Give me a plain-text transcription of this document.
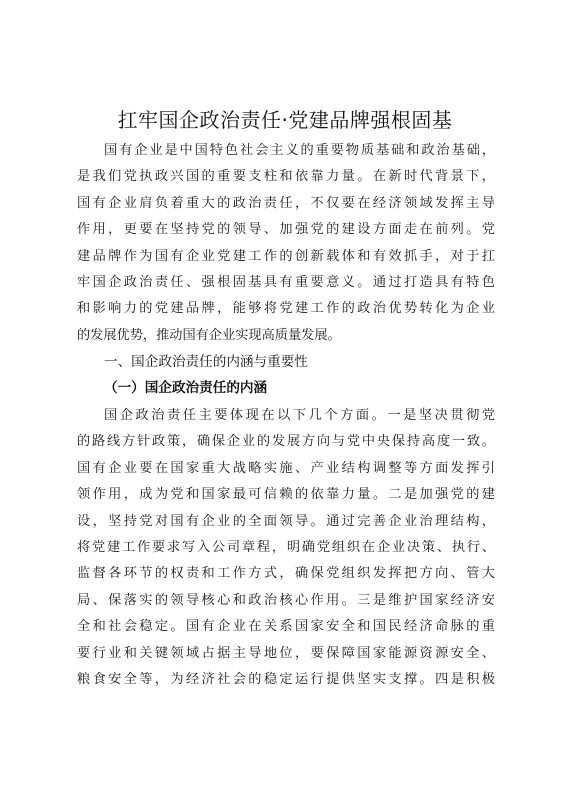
扛牢国企政治责任·党建品牌强根固基
国有企业是中国特色社会主义的重要物质基础和政治基础，
是我们党执政兴国的重要支柱和依靠力量。在新时代背景下，
国有企业肩负着重大的政治责任，不仅要在经济领域发挥主导
作用，更要在坚持党的领导、加强党的建设方面走在前列。党
建品牌作为国有企业党建工作的创新载体和有效抓手，对于扛
牢国企政治责任、强根固基具有重要意义。通过打造具有特色
和影响力的党建品牌，能够将党建工作的政治优势转化为企业
的发展优势，推动国有企业实现高质量发展。
一、国企政治责任的内涵与重要性
（一）国企政治责任的内涵
国企政治责任主要体现在以下几个方面。一是坚决贯彻党
的路线方针政策，确保企业的发展方向与党中央保持高度一致。
国有企业要在国家重大战略实施、产业结构调整等方面发挥引
领作用，成为党和国家最可信赖的依靠力量。二是加强党的建
设，坚持党对国有企业的全面领导。通过完善企业治理结构，
将党建工作要求写入公司章程，明确党组织在企业决策、执行、
监督各环节的权责和工作方式，确保党组织发挥把方向、管大
局、保落实的领导核心和政治核心作用。三是维护国家经济安
全和社会稳定。国有企业在关系国家安全和国民经济命脉的重
要行业和关键领域占据主导地位，要保障国家能源资源安全、
粮食安全等，为经济社会的稳定运行提供坚实支撑。四是积极
